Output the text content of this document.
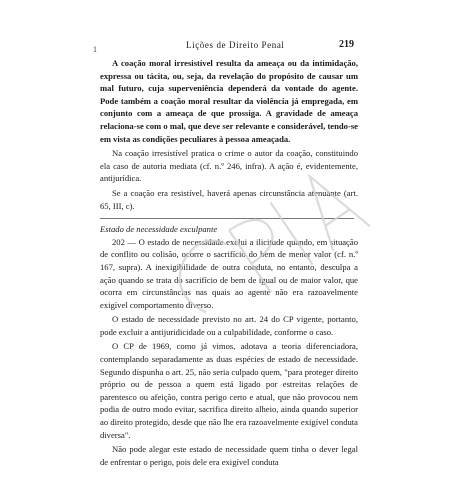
1	Lições de Direito Penal	219

A coação moral irresistível resulta da ameaça ou da intimidação, expressa ou tácita, ou, seja, da revelação do propósito de causar um mal futuro, cuja superveniência dependerá da vontade do agente. Pode também a coação moral resultar da violência já empregada, em conjunto com a ameaça de que prossiga. A gravidade de ameaça relaciona-se com o mal, que deve ser relevante e considerável, tendo-se em vista as condições peculiares à pessoa ameaçada.

Na coação irresistível pratica o crime o autor da coação, constituindo ela caso de autoria mediata (cf. n.º 246, infra). A ação é, evidentemente, antijurídica.

Se a coação era resistível, haverá apenas circunstância atenuante (art. 65, III, c).

Estado de necessidade exculpante

202 — O estado de necessidade exclui a ilicitude quando, em situação de conflito ou colisão, ocorre o sacrifício do bem de menor valor (cf. n.º 167, supra). A inexigibilidade de outra conduta, no entanto, desculpa a ação quando se trata do sacrifício de bem de igual ou de maior valor, que ocorra em circunstâncias nas quais ao agente não era razoavelmente exigível comportamento diverso.

O estado de necessidade previsto no art. 24 do CP vigente, portanto, pode excluir a antijuridicidade ou a culpabilidade, conforme o caso.

O CP de 1969, como já vimos, adotava a teoria diferenciadora, contemplando separadamente as duas espécies de estado de necessidade. Segundo dispunha o art. 25, não seria culpado quem, "para proteger direito próprio ou de pessoa a quem está ligado por estreitas relações de parentesco ou afeição, contra perigo certo e atual, que não provocou nem podia de outro modo evitar, sacrifica direito alheio, ainda quando superior ao direito protegido, desde que não lhe era razoavelmente exigível conduta diversa".

Não pode alegar este estado de necessidade quem tinha o dever legal de enfrentar o perigo, pois dele era exigível conduta
